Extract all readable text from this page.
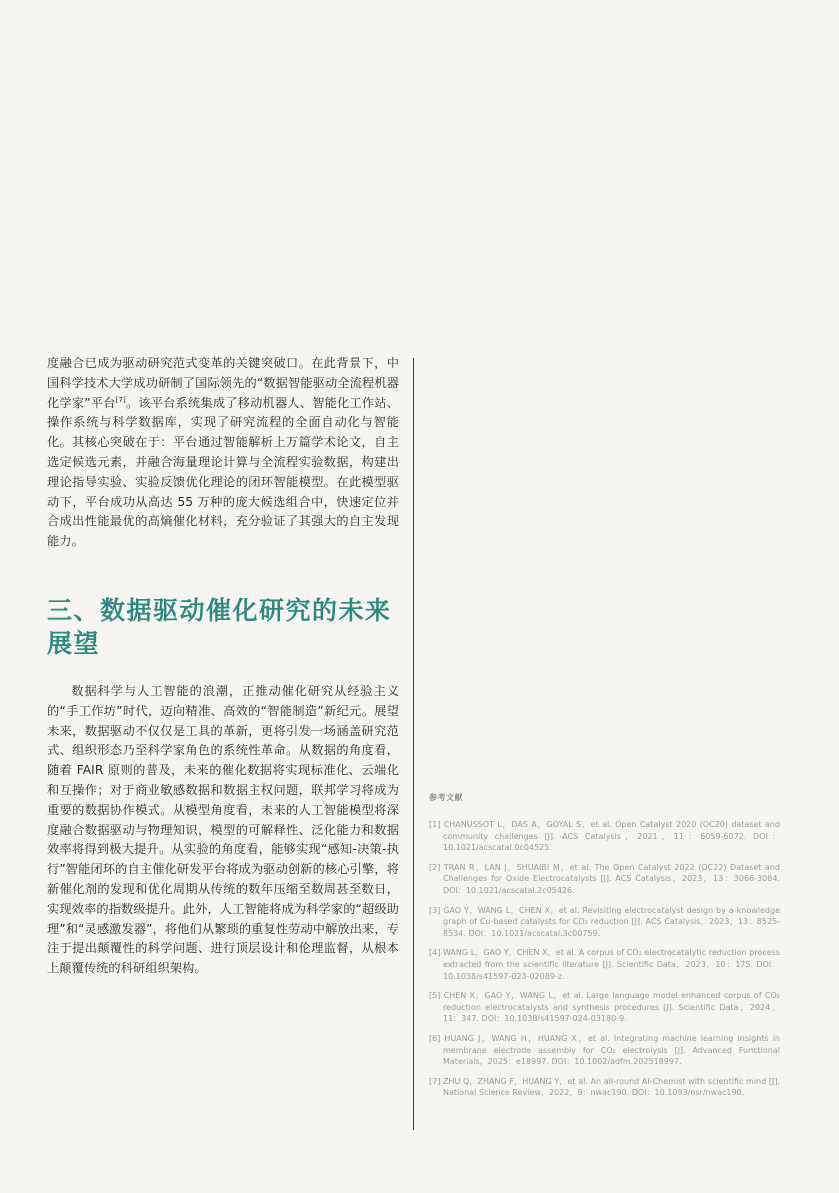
度融合已成为驱动研究范式变革的关键突破口。在此背景下，中国科学技术大学成功研制了国际领先的“数据智能驱动全流程机器化学家”平台[7]。该平台系统集成了移动机器人、智能化工作站、操作系统与科学数据库，实现了研究流程的全面自动化与智能化。其核心突破在于：平台通过智能解析上万篇学术论文，自主选定候选元素，并融合海量理论计算与全流程实验数据，构建出理论指导实验、实验反馈优化理论的闭环智能模型。在此模型驱动下，平台成功从高达 55 万种的庞大候选组合中，快速定位并合成出性能最优的高熵催化材料，充分验证了其强大的自主发现能力。

三、数据驱动催化研究的未来展望

数据科学与人工智能的浪潮，正推动催化研究从经验主义的“手工作坊”时代，迈向精准、高效的“智能制造”新纪元。展望未来，数据驱动不仅仅是工具的革新，更将引发一场涵盖研究范式、组织形态乃至科学家角色的系统性革命。从数据的角度看，随着 FAIR 原则的普及，未来的催化数据将实现标准化、云端化和互操作；对于商业敏感数据和数据主权问题，联邦学习将成为重要的数据协作模式。从模型角度看，未来的人工智能模型将深度融合数据驱动与物理知识，模型的可解释性、泛化能力和数据效率将得到极大提升。从实验的角度看，能够实现“感知-决策-执行”智能闭环的自主催化研发平台将成为驱动创新的核心引擎，将新催化剂的发现和优化周期从传统的数年压缩至数周甚至数日，实现效率的指数级提升。此外，人工智能将成为科学家的“超级助理”和“灵感激发器”，将他们从繁琐的重复性劳动中解放出来，专注于提出颠覆性的科学问题、进行顶层设计和伦理监督，从根本上颠覆传统的科研组织架构。

参考文献
[1] CHANUSSOT L，DAS A，GOYAL S，et al. Open Catalyst 2020 (OC20) dataset and community challenges [J]. ACS Catalysis，2021，11：6059-6072. DOI：10.1021/acscatal.0c04525.
[2] TRAN R，LAN J，SHUAIBI M，et al. The Open Catalyst 2022 (OC22) Dataset and Challenges for Oxide Electrocatalysts [J]. ACS Catalysis，2023，13：3066-3084. DOI：10.1021/acscatal.2c05426.
[3] GAO Y，WANG L，CHEN X，et al. Revisiting electrocatalyst design by a knowledge graph of Cu-based catalysts for CO₂ reduction [J]. ACS Catalysis，2023，13：8525-8534. DOI：10.1021/acscatal.3c00759.
[4] WANG L，GAO Y，CHEN X，et al. A corpus of CO₂ electrocatalytic reduction process extracted from the scientific literature [J]. Scientific Data，2023，10：175. DOI：10.1038/s41597-023-02089-z.
[5] CHEN X，GAO Y，WANG L，et al. Large language model enhanced corpus of CO₂ reduction electrocatalysts and synthesis procedures [J]. Scientific Data，2024，11：347. DOI：10.1038/s41597-024-03180-9.
[6] HUANG J，WANG H，HUANG X，et al. Integrating machine learning insights in membrane electrode assembly for CO₂ electrolysis [J]. Advanced Functional Materials，2025：e18997. DOI：10.1002/adfm.202518997.
[7] ZHU Q，ZHANG F，HUANG Y，et al. An all-round AI-Chemist with scientific mind [J]. National Science Review，2022，9：nwac190. DOI：10.1093/nsr/nwac190.
